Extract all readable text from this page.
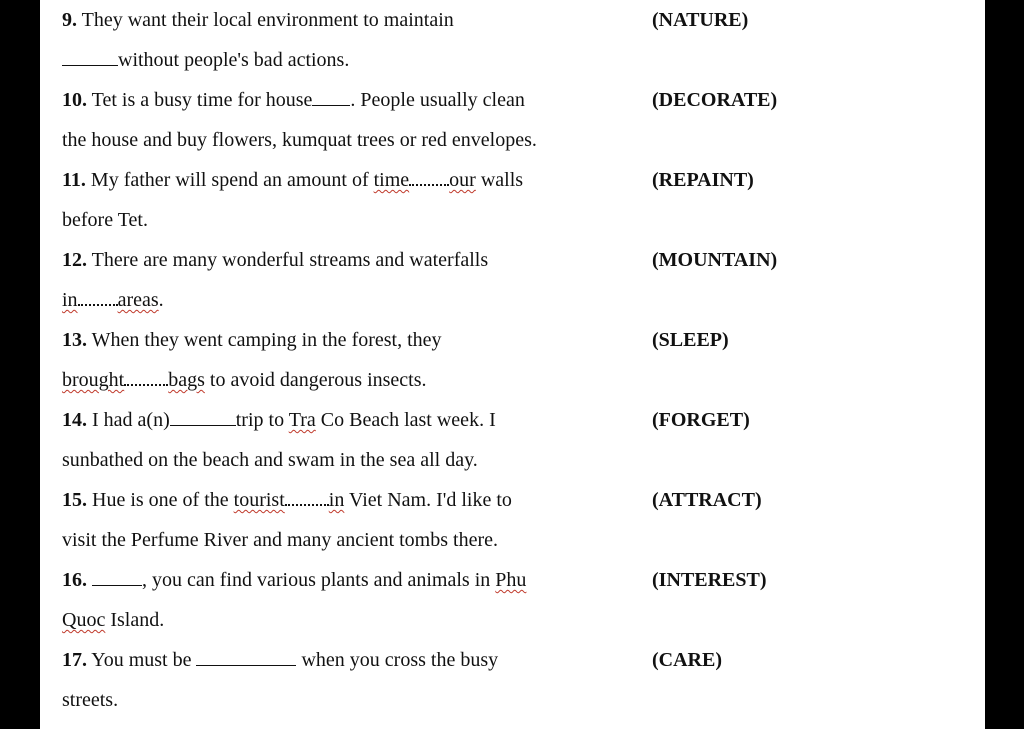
9. They want their local environment to maintain
without people's bad actions.
(NATURE)
10. Tet is a busy time for house . People usually clean
the house and buy flowers, kumquat trees or red envelopes.
(DECORATE)
11. My father will spend an amount of time our walls
before Tet.
(REPAINT)
12. There are many wonderful streams and waterfalls
in areas.
(MOUNTAIN)
13. When they went camping in the forest, they
brought bags to avoid dangerous insects.
(SLEEP)
14. I had a(n)	trip to Tra Co Beach last week. I
sunbathed on the beach and swam in the sea all day.
(FORGET)
15. Hue is one of the tourist in Viet Nam. I'd like to
visit the Perfume River and many ancient tombs there.
(ATTRACT)
16.	, you can find various plants and animals in Phu
Quoc Island.
(INTEREST)
17. You must be	when you cross the busy
streets.
(CARE)
